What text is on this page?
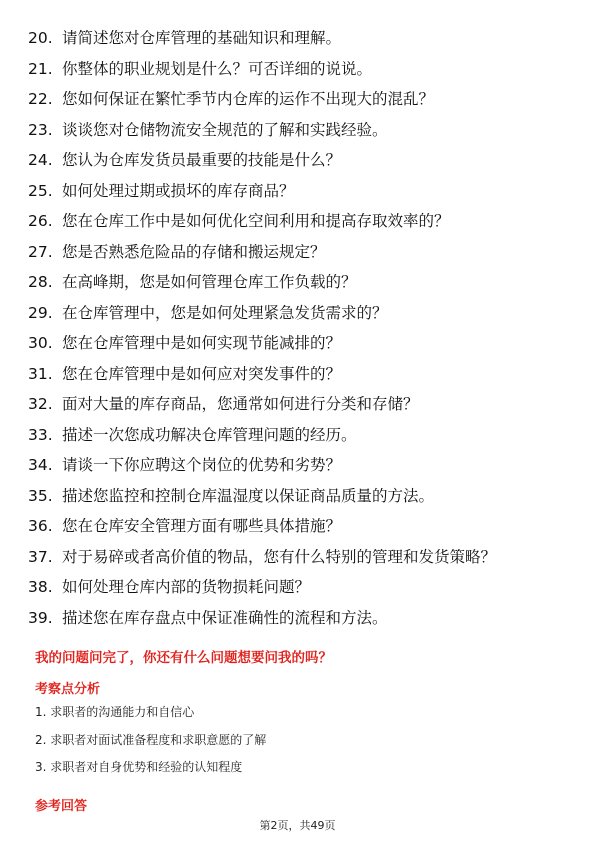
20. 请简述您对仓库管理的基础知识和理解。
21. 你整体的职业规划是什么？可否详细的说说。
22. 您如何保证在繁忙季节内仓库的运作不出现大的混乱？
23. 谈谈您对仓储物流安全规范的了解和实践经验。
24. 您认为仓库发货员最重要的技能是什么？
25. 如何处理过期或损坏的库存商品？
26. 您在仓库工作中是如何优化空间利用和提高存取效率的？
27. 您是否熟悉危险品的存储和搬运规定？
28. 在高峰期，您是如何管理仓库工作负载的？
29. 在仓库管理中，您是如何处理紧急发货需求的？
30. 您在仓库管理中是如何实现节能减排的？
31. 您在仓库管理中是如何应对突发事件的？
32. 面对大量的库存商品，您通常如何进行分类和存储？
33. 描述一次您成功解决仓库管理问题的经历。
34. 请谈一下你应聘这个岗位的优势和劣势？
35. 描述您监控和控制仓库温湿度以保证商品质量的方法。
36. 您在仓库安全管理方面有哪些具体措施？
37. 对于易碎或者高价值的物品，您有什么特别的管理和发货策略？
38. 如何处理仓库内部的货物损耗问题？
39. 描述您在库存盘点中保证准确性的流程和方法。
我的问题问完了，你还有什么问题想要问我的吗？
考察点分析
1. 求职者的沟通能力和自信心
2. 求职者对面试准备程度和求职意愿的了解
3. 求职者对自身优势和经验的认知程度
参考回答
第2页，共49页
